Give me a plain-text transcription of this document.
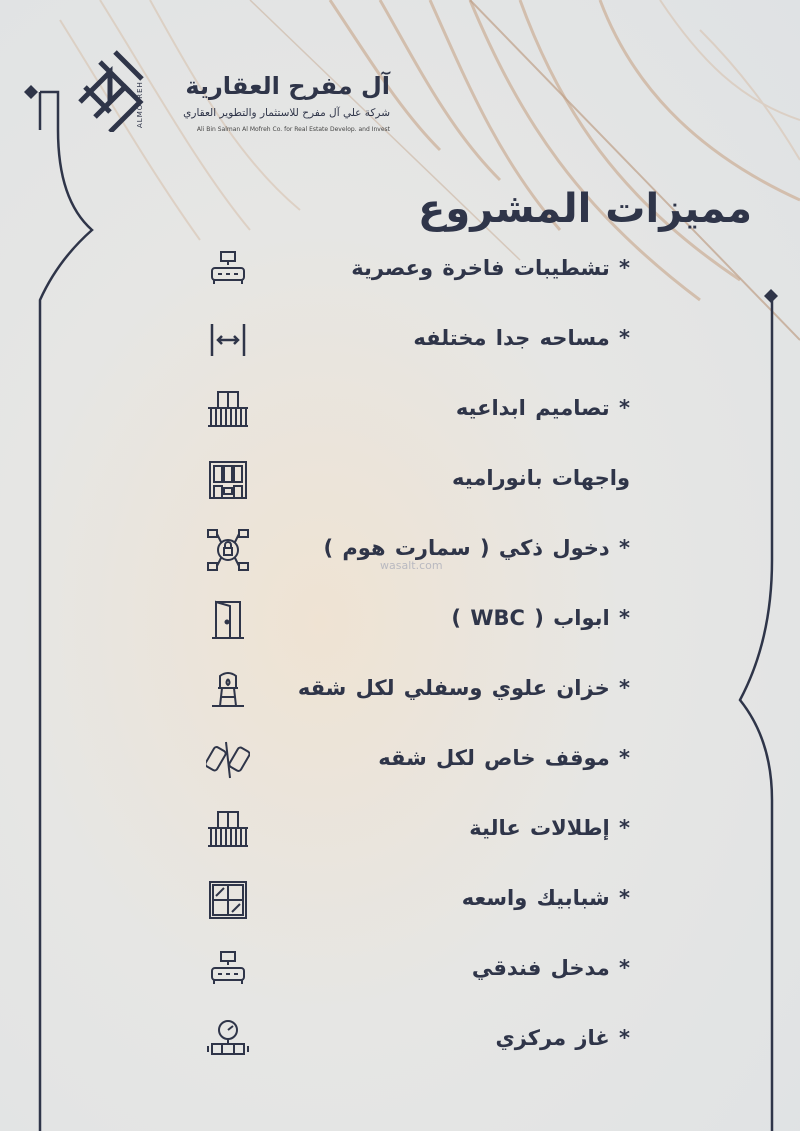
ALMOFREH	آل مفرح العقارية
شركة علي آل مفرح للاستثمار والتطوير العقاري
Ali Bin Salman Al Mofreh Co. for Real Estate Develop. and Invest
مميزات المشروع
* تشطيبات فاخرة وعصرية
* مساحه جدا مختلفه
* تصاميم ابداعيه
واجهات بانوراميه
* دخول ذكي ( سمارت هوم )
* ابواب ( WBC )
* خزان علوي وسفلي لكل شقه
* موقف خاص لكل شقه
* إطلالات عالية
* شبابيك واسعه
* مدخل فندقي
* غاز مركزي
wasalt.com
